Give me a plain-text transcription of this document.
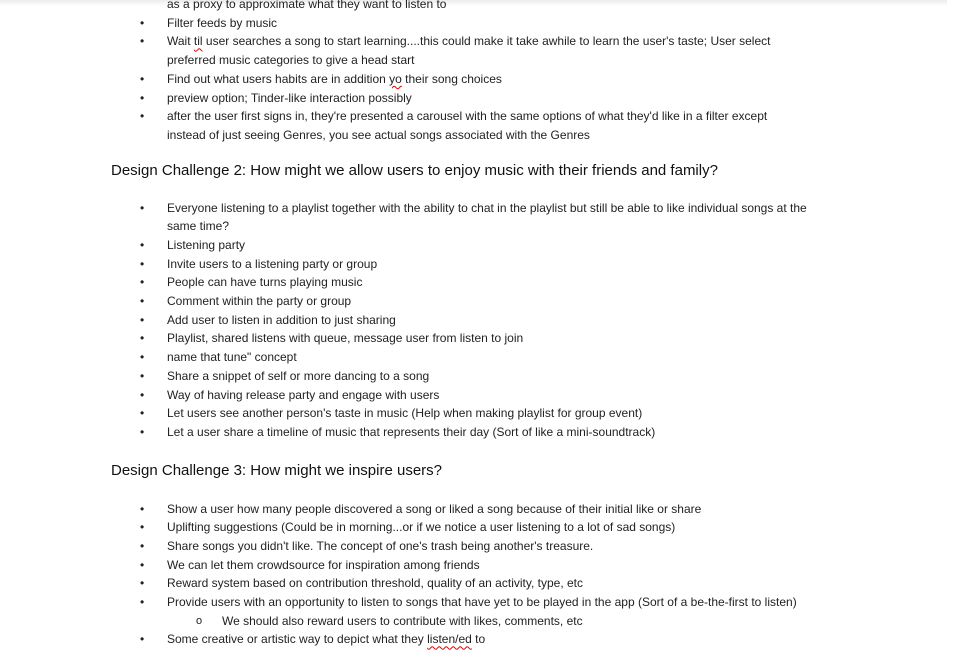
as a proxy to approximate what they want to listen to
• Filter feeds by music
• Wait til user searches a song to start learning....this could make it take awhile to learn the user's taste; User select
preferred music categories to give a head start
• Find out what users habits are in addition yo their song choices
• preview option; Tinder-like interaction possibly
• after the user first signs in, they're presented a carousel with the same options of what they'd like in a filter except
instead of just seeing Genres, you see actual songs associated with the Genres
Design Challenge 2: How might we allow users to enjoy music with their friends and family?
• Everyone listening to a playlist together with the ability to chat in the playlist but still be able to like individual songs at the
same time?
• Listening party
• Invite users to a listening party or group
• People can have turns playing music
• Comment within the party or group
• Add user to listen in addition to just sharing
• Playlist, shared listens with queue, message user from listen to join
• name that tune" concept
• Share a snippet of self or more dancing to a song
• Way of having release party and engage with users
• Let users see another person's taste in music (Help when making playlist for group event)
• Let a user share a timeline of music that represents their day (Sort of like a mini-soundtrack)
Design Challenge 3: How might we inspire users?
• Show a user how many people discovered a song or liked a song because of their initial like or share
• Uplifting suggestions (Could be in morning...or if we notice a user listening to a lot of sad songs)
• Share songs you didn't like. The concept of one's trash being another's treasure.
• We can let them crowdsource for inspiration among friends
• Reward system based on contribution threshold, quality of an activity, type, etc
• Provide users with an opportunity to listen to songs that have yet to be played in the app (Sort of a be-the-first to listen)
o We should also reward users to contribute with likes, comments, etc
• Some creative or artistic way to depict what they listen/ed to
